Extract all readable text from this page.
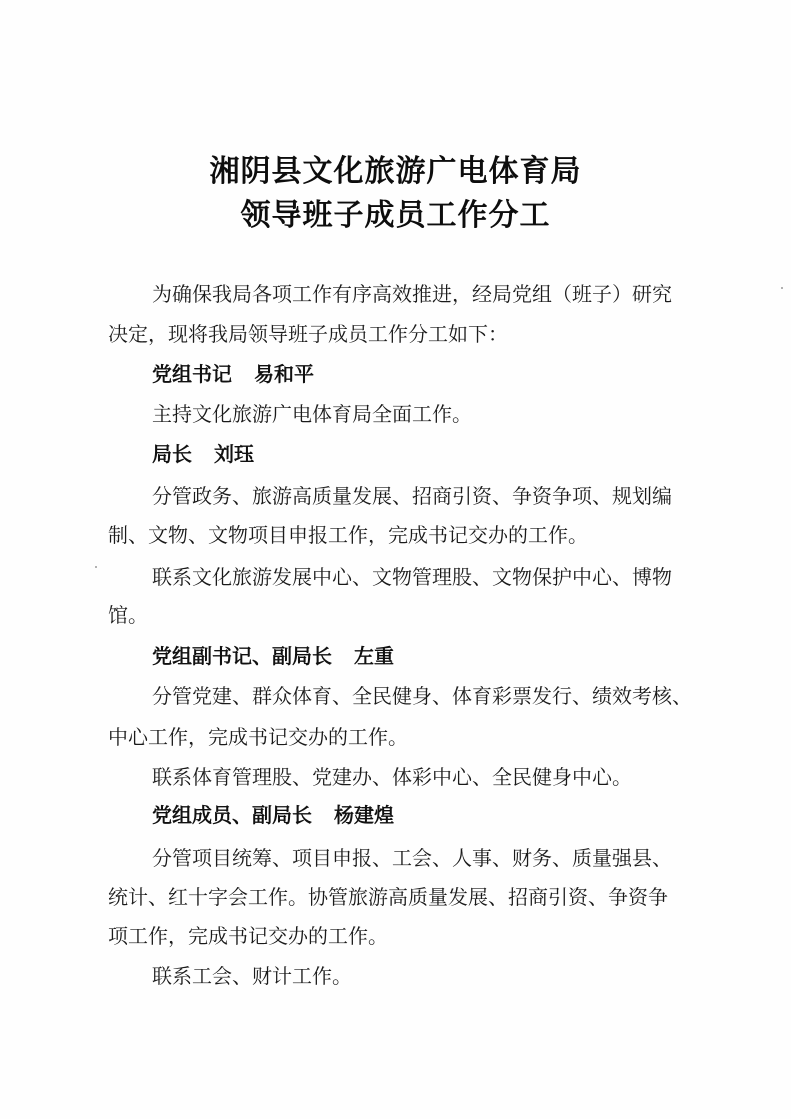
湘阴县文化旅游广电体育局
领导班子成员工作分工
为确保我局各项工作有序高效推进，经局党组（班子）研究
决定，现将我局领导班子成员工作分工如下：
党组书记 易和平
主持文化旅游广电体育局全面工作。
局长 刘珏
分管政务、旅游高质量发展、招商引资、争资争项、规划编
制、文物、文物项目申报工作，完成书记交办的工作。
联系文化旅游发展中心、文物管理股、文物保护中心、博物
馆。
党组副书记、副局长 左重
分管党建、群众体育、全民健身、体育彩票发行、绩效考核、
中心工作，完成书记交办的工作。
联系体育管理股、党建办、体彩中心、全民健身中心。
党组成员、副局长 杨建煌
分管项目统筹、项目申报、工会、人事、财务、质量强县、
统计、红十字会工作。协管旅游高质量发展、招商引资、争资争
项工作，完成书记交办的工作。
联系工会、财计工作。
